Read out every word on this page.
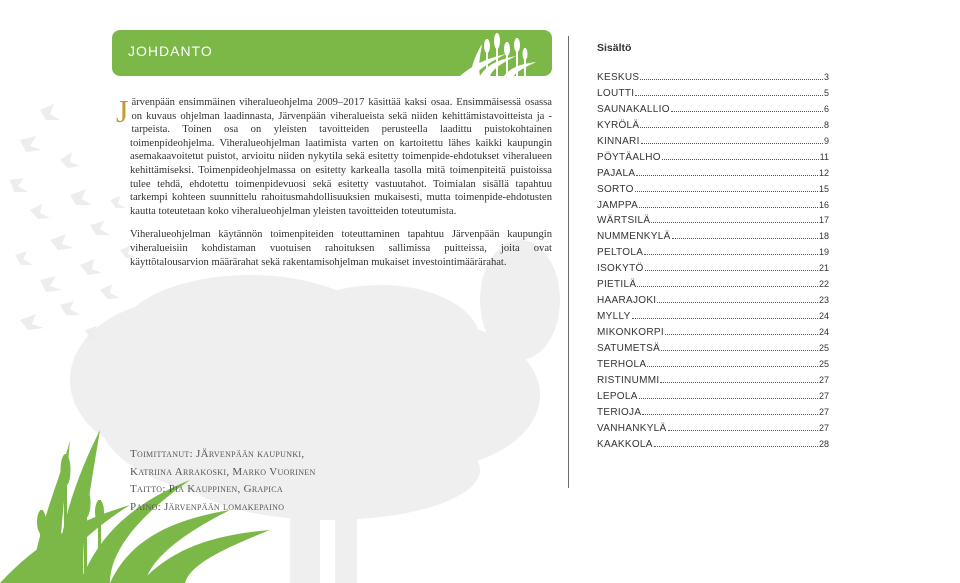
JOHDANTO

Järvenpään ensimmäinen viheralueohjelma 2009–2017 käsittää kaksi osaa. Ensimmäisessä osassa on kuvaus ohjelman laadinnasta, Järvenpään viheralueista sekä niiden kehittämistavoitteista ja -tarpeista. Toinen osa on yleisten tavoitteiden perusteella laadittu puistokohtainen toimenpideohjelma. Viheralueohjelman laatimista varten on kartoitettu lähes kaikki kaupungin asemakaavoitetut puistot, arvioitu niiden nykytila sekä esitetty toimenpide-ehdotukset viheralueen kehittämiseksi. Toimenpideohjelmassa on esitetty karkealla tasolla mitä toimenpiteitä puistoissa tulee tehdä, ehdotettu toimenpidevuosi sekä esitetty vastuutahot. Toimialan sisällä tapahtuu tarkempi kohteen suunnittelu rahoitusmahdollisuuksien mukaisesti, mutta toimenpide-ehdotusten kautta toteutetaan koko viheralueohjelman yleisten tavoitteiden toteutumista.

Viheralueohjelman käytännön toimenpiteiden toteuttaminen tapahtuu Järvenpään kaupungin viheralueisiin kohdistaman vuotuisen rahoituksen sallimissa puitteissa, joita ovat käyttötalousarvion määrärahat sekä rakentamisohjelman mukaiset investointimäärärahat.

Toimittanut: JÄrvenpään kaupunki,
Katriina Arrakoski, Marko Vuorinen
Taitto: Pia Kauppinen, Grapica
Paino: Järvenpään lomakepaino
Sisältö
KESKUS	3
LOUTTI	5
SAUNAKALLIO	6
KYRÖLÄ	8
KINNARI	9
PÖYTÄALHO	11
PAJALA	12
SORTO	15
JAMPPA	16
WÄRTSILÄ	17
NUMMENKYLÄ	18
PELTOLA	19
ISOKYTÖ	21
PIETILÄ	22
HAARAJOKI	23
MYLLY	24
MIKONKORPI	24
SATUMETSÄ	25
TERHOLA	25
RISTINUMMI	27
LEPOLA	27
TERIOJA	27
VANHANKYLÄ	27
KAAKKOLA	28
